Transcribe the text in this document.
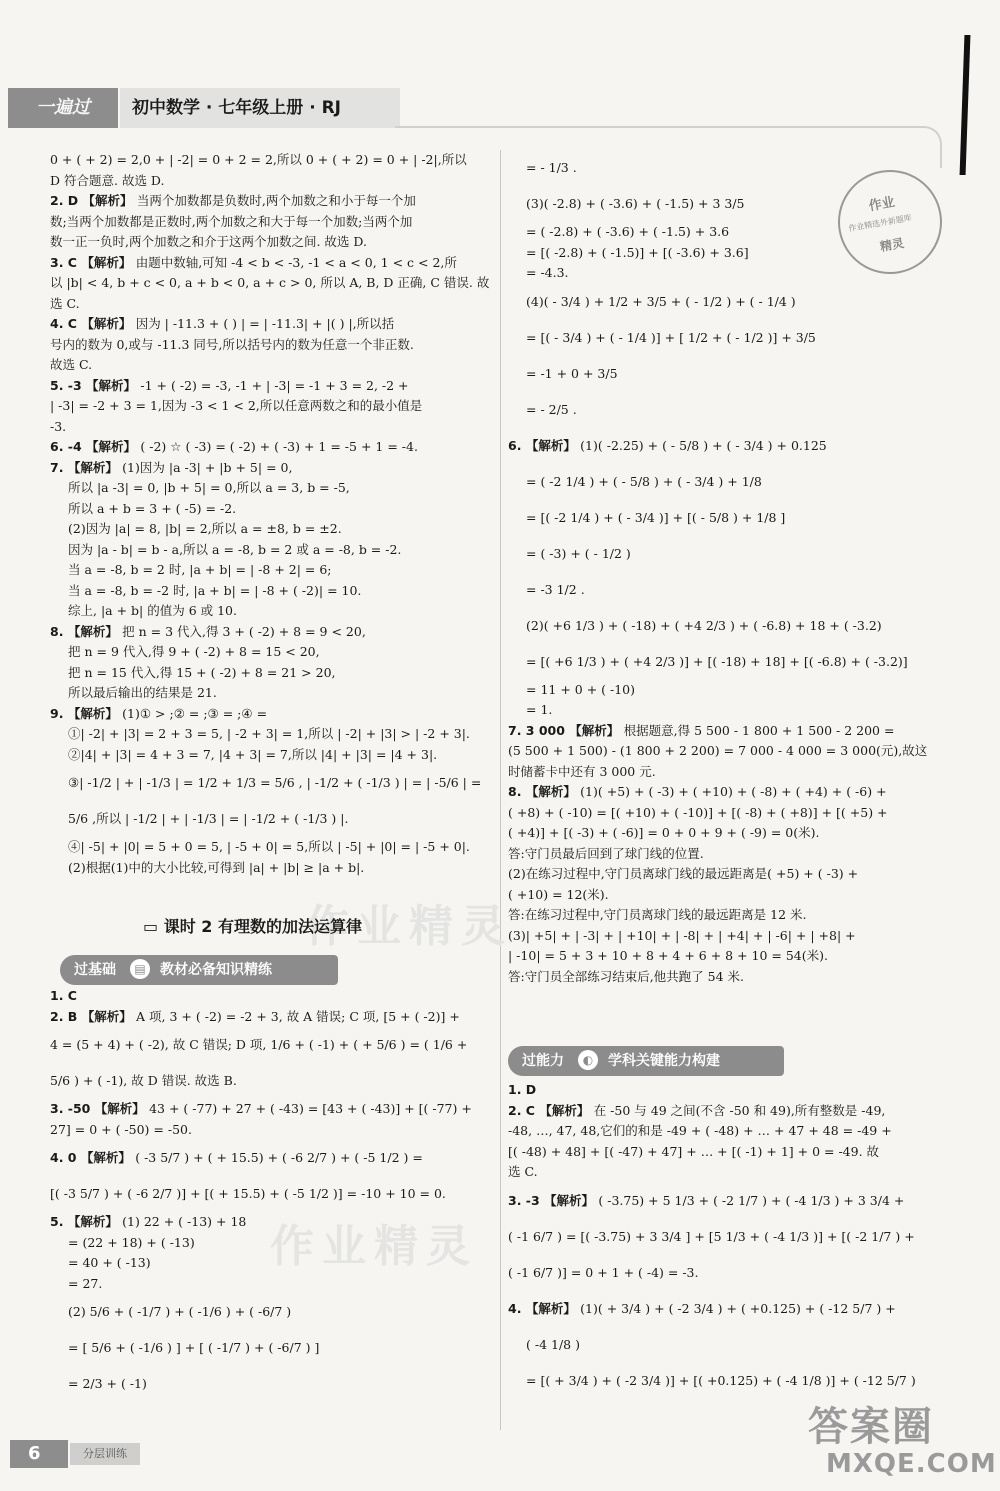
一遍过	初中数学 · 七年级上册 · RJ
作业
作业精选外新题库
精灵
作业精灵
作业精灵
0 + ( + 2) = 2,0 + | -2| = 0 + 2 = 2,所以 0 + ( + 2) = 0 + | -2|,所以
D 符合题意. 故选 D.
2. D 【解析】 当两个加数都是负数时,两个加数之和小于每一个加
数;当两个加数都是正数时,两个加数之和大于每一个加数;当两个加
数一正一负时,两个加数之和介于这两个加数之间. 故选 D.
3. C 【解析】 由题中数轴,可知 -4 < b < -3, -1 < a < 0, 1 < c < 2,所
以 |b| < 4, b + c < 0, a + b < 0, a + c > 0, 所以 A, B, D 正确, C 错误. 故
选 C.
4. C 【解析】 因为 | -11.3 + ( ) | = | -11.3| + |( ) |,所以括
号内的数为 0,或与 -11.3 同号,所以括号内的数为任意一个非正数.
故选 C.
5. -3 【解析】 -1 + ( -2) = -3, -1 + | -3| = -1 + 3 = 2, -2 +
| -3| = -2 + 3 = 1,因为 -3 < 1 < 2,所以任意两数之和的最小值是
-3.
6. -4 【解析】 ( -2) ☆ ( -3) = ( -2) + ( -3) + 1 = -5 + 1 = -4.
7. 【解析】 (1)因为 |a -3| + |b + 5| = 0,
所以 |a -3| = 0, |b + 5| = 0,所以 a = 3, b = -5,
所以 a + b = 3 + ( -5) = -2.
(2)因为 |a| = 8, |b| = 2,所以 a = ±8, b = ±2.
因为 |a - b| = b - a,所以 a = -8, b = 2 或 a = -8, b = -2.
当 a = -8, b = 2 时, |a + b| = | -8 + 2| = 6;
当 a = -8, b = -2 时, |a + b| = | -8 + ( -2)| = 10.
综上, |a + b| 的值为 6 或 10.
8. 【解析】 把 n = 3 代入,得 3 + ( -2) + 8 = 9 < 20,
把 n = 9 代入,得 9 + ( -2) + 8 = 15 < 20,
把 n = 15 代入,得 15 + ( -2) + 8 = 21 > 20,
所以最后输出的结果是 21.
9. 【解析】 (1)① > ;② = ;③ = ;④ =
①| -2| + |3| = 2 + 3 = 5, | -2 + 3| = 1,所以 | -2| + |3| > | -2 + 3|.
②|4| + |3| = 4 + 3 = 7, |4 + 3| = 7,所以 |4| + |3| = |4 + 3|.
③| -1/2 | + | -1/3 | = 1/2 + 1/3 = 5/6 , | -1/2 + ( -1/3 ) | = | -5/6 | =
5/6 ,所以 | -1/2 | + | -1/3 | = | -1/2 + ( -1/3 ) |.
④| -5| + |0| = 5 + 0 = 5, | -5 + 0| = 5,所以 | -5| + |0| = | -5 + 0|.
(2)根据(1)中的大小比较,可得到 |a| + |b| ≥ |a + b|.
▭ 课时 2 有理数的加法运算律
过基础 ▤ 教材必备知识精练
1. C
2. B 【解析】 A 项, 3 + ( -2) = -2 + 3, 故 A 错误; C 项, [5 + ( -2)] +
4 = (5 + 4) + ( -2), 故 C 错误; D 项, 1/6 + ( -1) + ( + 5/6 ) = ( 1/6 +
5/6 ) + ( -1), 故 D 错误. 故选 B.
3. -50 【解析】 43 + ( -77) + 27 + ( -43) = [43 + ( -43)] + [( -77) +
27] = 0 + ( -50) = -50.
4. 0 【解析】 ( -3 5/7 ) + ( + 15.5) + ( -6 2/7 ) + ( -5 1/2 ) =
[( -3 5/7 ) + ( -6 2/7 )] + [( + 15.5) + ( -5 1/2 )] = -10 + 10 = 0.
5. 【解析】 (1) 22 + ( -13) + 18
= (22 + 18) + ( -13)
= 40 + ( -13)
= 27.
(2) 5/6 + ( -1/7 ) + ( -1/6 ) + ( -6/7 )
= [ 5/6 + ( -1/6 ) ] + [ ( -1/7 ) + ( -6/7 ) ]
= 2/3 + ( -1)
= - 1/3 .
(3)( -2.8) + ( -3.6) + ( -1.5) + 3 3/5
= ( -2.8) + ( -3.6) + ( -1.5) + 3.6
= [( -2.8) + ( -1.5)] + [( -3.6) + 3.6]
= -4.3.
(4)( - 3/4 ) + 1/2 + 3/5 + ( - 1/2 ) + ( - 1/4 )
= [( - 3/4 ) + ( - 1/4 )] + [ 1/2 + ( - 1/2 )] + 3/5
= -1 + 0 + 3/5
= - 2/5 .
6. 【解析】 (1)( -2.25) + ( - 5/8 ) + ( - 3/4 ) + 0.125
= ( -2 1/4 ) + ( - 5/8 ) + ( - 3/4 ) + 1/8
= [( -2 1/4 ) + ( - 3/4 )] + [( - 5/8 ) + 1/8 ]
= ( -3) + ( - 1/2 )
= -3 1/2 .
(2)( +6 1/3 ) + ( -18) + ( +4 2/3 ) + ( -6.8) + 18 + ( -3.2)
= [( +6 1/3 ) + ( +4 2/3 )] + [( -18) + 18] + [( -6.8) + ( -3.2)]
= 11 + 0 + ( -10)
= 1.
7. 3 000 【解析】 根据题意,得 5 500 - 1 800 + 1 500 - 2 200 =
(5 500 + 1 500) - (1 800 + 2 200) = 7 000 - 4 000 = 3 000(元),故这
时储蓄卡中还有 3 000 元.
8. 【解析】 (1)( +5) + ( -3) + ( +10) + ( -8) + ( +4) + ( -6) +
( +8) + ( -10) = [( +10) + ( -10)] + [( -8) + ( +8)] + [( +5) +
( +4)] + [( -3) + ( -6)] = 0 + 0 + 9 + ( -9) = 0(米).
答:守门员最后回到了球门线的位置.
(2)在练习过程中,守门员离球门线的最远距离是( +5) + ( -3) +
( +10) = 12(米).
答:在练习过程中,守门员离球门线的最远距离是 12 米.
(3)| +5| + | -3| + | +10| + | -8| + | +4| + | -6| + | +8| +
| -10| = 5 + 3 + 10 + 8 + 4 + 6 + 8 + 10 = 54(米).
答:守门员全部练习结束后,他共跑了 54 米.
过能力 ◐ 学科关键能力构建
1. D
2. C 【解析】 在 -50 与 49 之间(不含 -50 和 49),所有整数是 -49,
-48, …, 47, 48,它们的和是 -49 + ( -48) + … + 47 + 48 = -49 +
[( -48) + 48] + [( -47) + 47] + … + [( -1) + 1] + 0 = -49. 故
选 C.
3. -3 【解析】 ( -3.75) + 5 1/3 + ( -2 1/7 ) + ( -4 1/3 ) + 3 3/4 +
( -1 6/7 ) = [( -3.75) + 3 3/4 ] + [5 1/3 + ( -4 1/3 )] + [( -2 1/7 ) +
( -1 6/7 )] = 0 + 1 + ( -4) = -3.
4. 【解析】 (1)( + 3/4 ) + ( -2 3/4 ) + ( +0.125) + ( -12 5/7 ) +
( -4 1/8 )
= [( + 3/4 ) + ( -2 3/4 )] + [( +0.125) + ( -4 1/8 )] + ( -12 5/7 )
6	分层训练
答案圈
MXQE.COM
